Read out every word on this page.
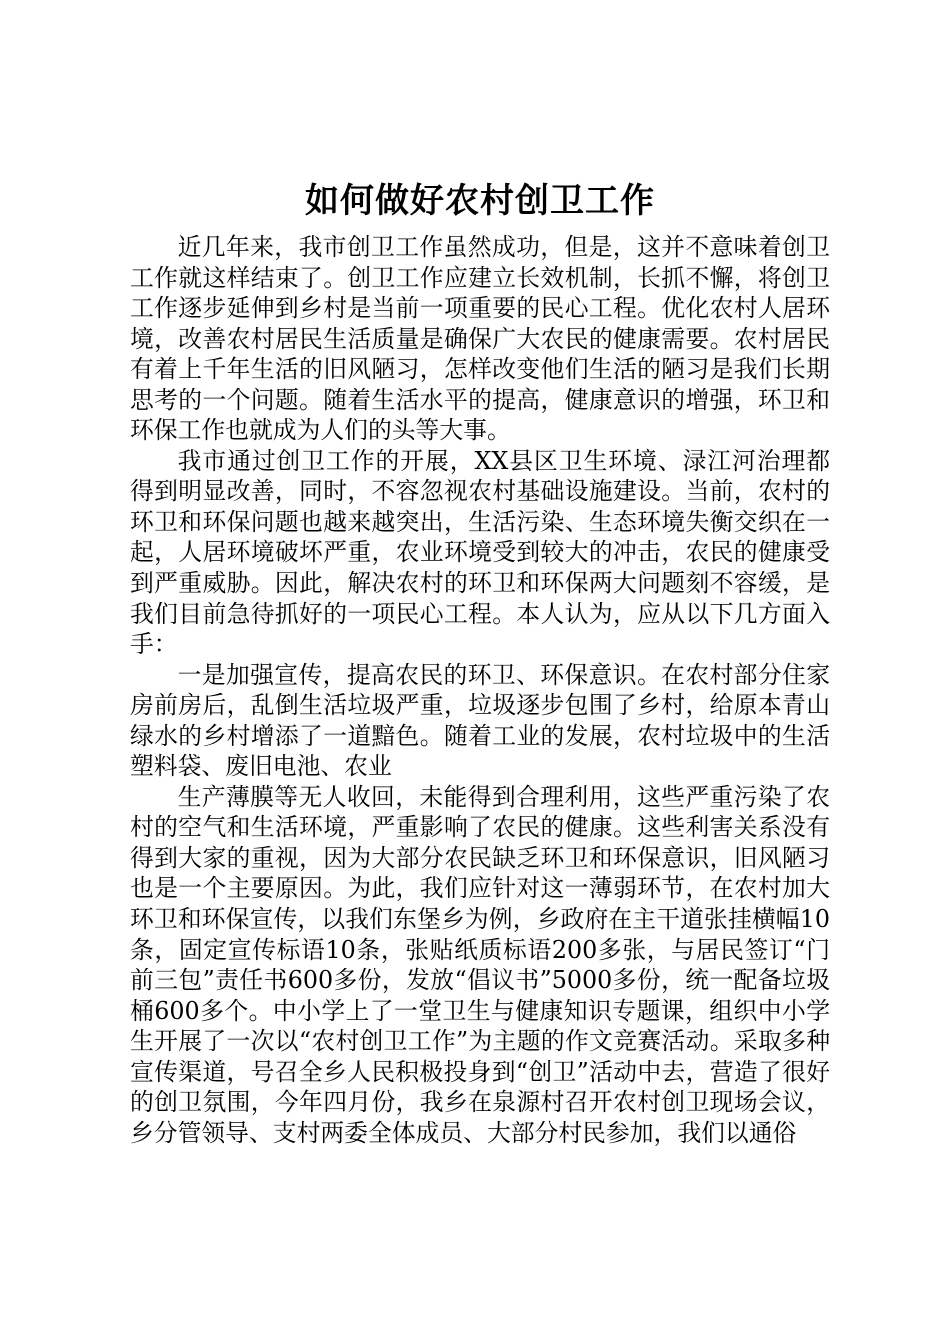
如何做好农村创卫工作

近几年来，我市创卫工作虽然成功，但是，这并不意味着创卫工作就这样结束了。创卫工作应建立长效机制，长抓不懈，将创卫工作逐步延伸到乡村是当前一项重要的民心工程。优化农村人居环境，改善农村居民生活质量是确保广大农民的健康需要。农村居民有着上千年生活的旧风陋习，怎样改变他们生活的陋习是我们长期思考的一个问题。随着生活水平的提高，健康意识的增强，环卫和环保工作也就成为人们的头等大事。

我市通过创卫工作的开展，XX县区卫生环境、渌江河治理都得到明显改善，同时，不容忽视农村基础设施建设。当前，农村的环卫和环保问题也越来越突出，生活污染、生态环境失衡交织在一起，人居环境破坏严重，农业环境受到较大的冲击，农民的健康受到严重威胁。因此，解决农村的环卫和环保两大问题刻不容缓，是我们目前急待抓好的一项民心工程。本人认为，应从以下几方面入手：

一是加强宣传，提高农民的环卫、环保意识。在农村部分住家房前房后，乱倒生活垃圾严重，垃圾逐步包围了乡村，给原本青山绿水的乡村增添了一道黯色。随着工业的发展，农村垃圾中的生活塑料袋、废旧电池、农业

生产薄膜等无人收回，未能得到合理利用，这些严重污染了农村的空气和生活环境，严重影响了农民的健康。这些利害关系没有得到大家的重视，因为大部分农民缺乏环卫和环保意识，旧风陋习也是一个主要原因。为此，我们应针对这一薄弱环节，在农村加大环卫和环保宣传，以我们东堡乡为例，乡政府在主干道张挂横幅10条，固定宣传标语10条，张贴纸质标语200多张，与居民签订“门前三包”责任书600多份，发放“倡议书”5000多份，统一配备垃圾桶600多个。中小学上了一堂卫生与健康知识专题课，组织中小学生开展了一次以“农村创卫工作”为主题的作文竞赛活动。采取多种宣传渠道，号召全乡人民积极投身到“创卫”活动中去，营造了很好的创卫氛围，今年四月份，我乡在泉源村召开农村创卫现场会议，乡分管领导、支村两委全体成员、大部分村民参加，我们以通俗
